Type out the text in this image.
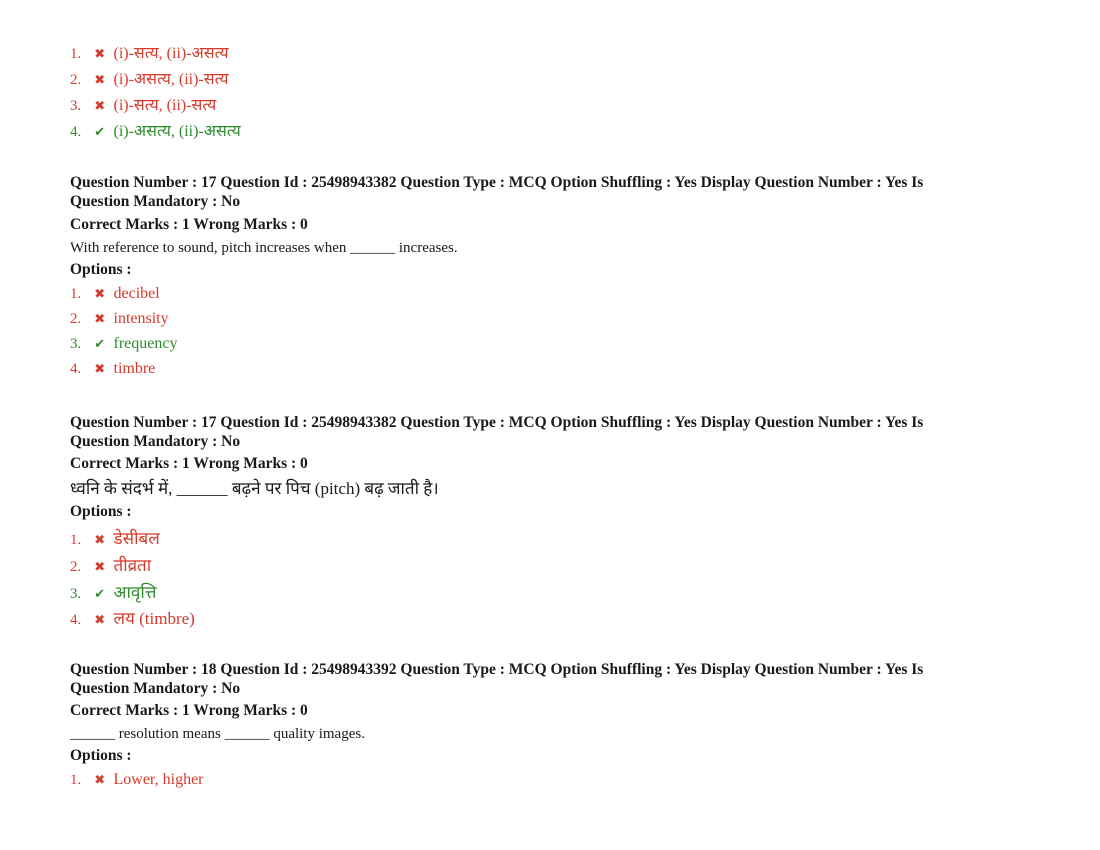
1. ✖ (i)-सत्य, (ii)-असत्य
2. ✖ (i)-असत्य, (ii)-सत्य
3. ✖ (i)-सत्य, (ii)-सत्य
4. ✔ (i)-असत्य, (ii)-असत्य

Question Number : 17 Question Id : 25498943382 Question Type : MCQ Option Shuffling : Yes Display Question Number : Yes Is

Question Mandatory : No

Correct Marks : 1 Wrong Marks : 0

With reference to sound, pitch increases when ______ increases.

Options :

1. ✖ decibel
2. ✖ intensity
3. ✔ frequency
4. ✖ timbre

Question Number : 17 Question Id : 25498943382 Question Type : MCQ Option Shuffling : Yes Display Question Number : Yes Is

Question Mandatory : No

Correct Marks : 1 Wrong Marks : 0

ध्वनि के संदर्भ में, ______ बढ़ने पर पिच (pitch) बढ़ जाती है।

Options :

1. ✖ डेसीबल
2. ✖ तीव्रता
3. ✔ आवृत्ति
4. ✖ लय (timbre)

Question Number : 18 Question Id : 25498943392 Question Type : MCQ Option Shuffling : Yes Display Question Number : Yes Is

Question Mandatory : No

Correct Marks : 1 Wrong Marks : 0

______ resolution means ______ quality images.

Options :

1. ✖ Lower, higher
